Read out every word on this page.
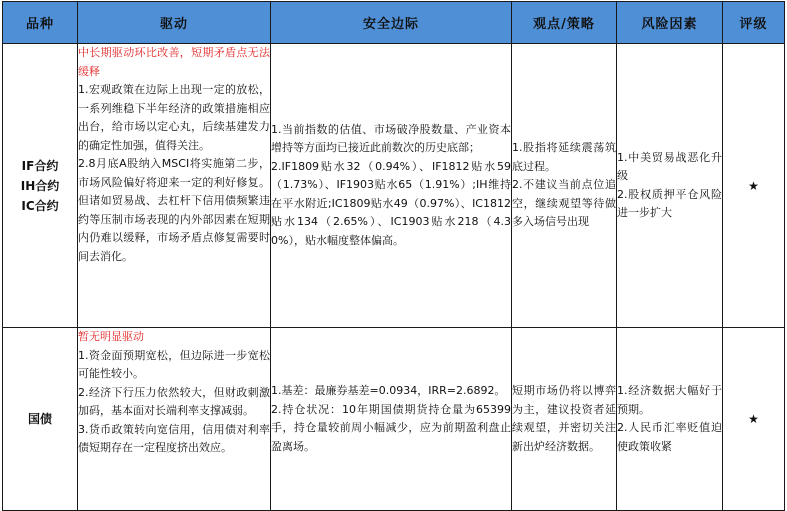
品种	驱动	安全边际	观点/策略	风险因素	评级

IF合约
IH合约
IC合约	中长期驱动环比改善，短期矛盾点无法缓释
1.宏观政策在边际上出现一定的放松，一系列维稳下半年经济的政策措施相应出台，给市场以定心丸，后续基建发力的确定性加强，值得关注。
2.8月底A股纳入MSCI将实施第二步，市场风险偏好将迎来一定的利好修复。但诸如贸易战、去杠杆下信用债频繁违约等压制市场表现的内外部因素在短期内仍难以缓释，市场矛盾点修复需要时间去消化。	1.当前指数的估值、市场破净股数量、产业资本增持等方面均已接近此前数次的历史底部；
2.IF1809贴水32（0.94%）、IF1812贴水59（1.73%）、IF1903贴水65（1.91%）;IH维持在平水附近;IC1809贴水49（0.97%）、IC1812贴水134（2.65%）、IC1903贴水218（4.30%），贴水幅度整体偏高。	1.股指将延续震荡筑底过程。
2.不建议当前点位追空，继续观望等待做多入场信号出现	1.中美贸易战恶化升级
2.股权质押平仓风险进一步扩大	★

国债	暂无明显驱动
1.资金面预期宽松，但边际进一步宽松可能性较小。
2.经济下行压力依然较大，但财政刺激加码，基本面对长端利率支撑减弱。
3.货币政策转向宽信用，信用债对利率债短期存在一定程度挤出效应。	1.基差：最廉券基差=0.0934，IRR=2.6892。
2.持仓状况：10年期国债期货持仓量为65399手，持仓量较前周小幅减少，应为前期盈利盘止盈离场。	短期市场仍将以博弈为主，建议投资者延续观望，并密切关注新出炉经济数据。	1.经济数据大幅好于预期。
2.人民币汇率贬值迫使政策收紧	★
